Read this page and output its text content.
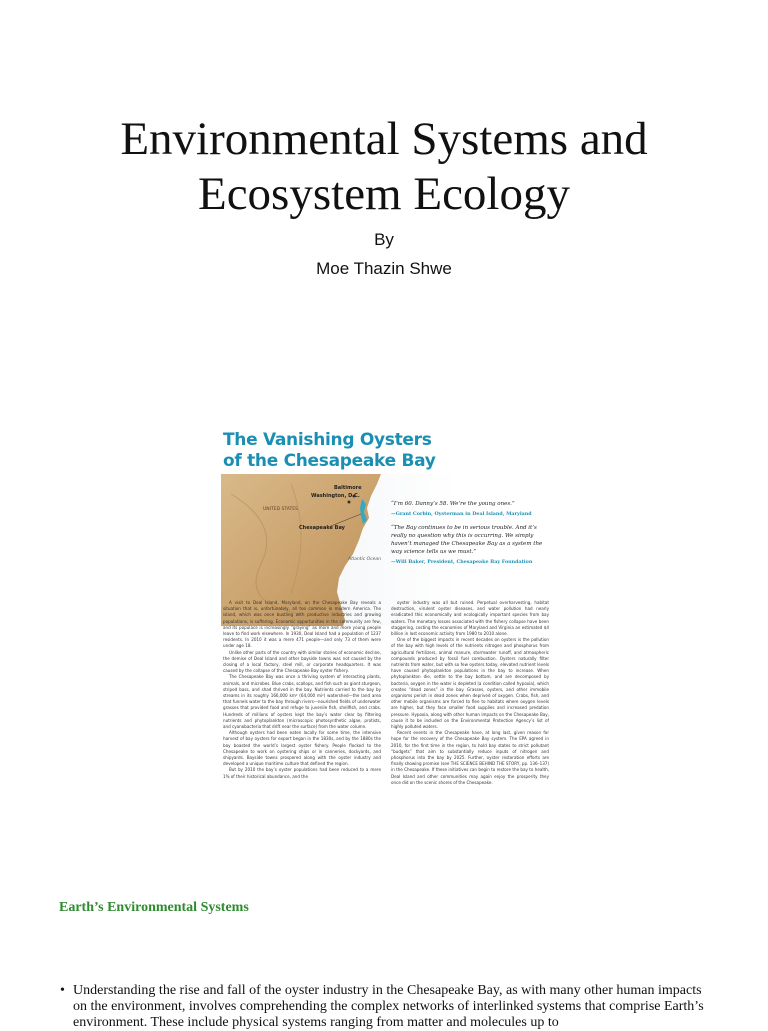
Environmental Systems and
Ecosystem Ecology
By
Moe Thazin Shwe
The Vanishing Oysters
of the Chesapeake Bay
Baltimore
Washington, D.C.
UNITED STATES
Chesapeake Bay
Atlantic Ocean
“I’m 60. Danny’s 58. We’re the young ones.”
—Grant Corbin, Oysterman in Deal Island, Maryland
“The Bay continues to be in serious trouble. And it’s really no question why this is occurring. We simply haven’t managed the Chesapeake Bay as a system the way science tells us we must.”
—Will Baker, President, Chesapeake Bay Foundation

A visit to Deal Island, Maryland, on the Chesapeake Bay reveals a situation that is, unfortunately, all too common in modern America. The island, which was once bustling with productive industries and growing populations, is suffering. Economic opportunities in the community are few, and its populace is increasingly “graying” as more and more young people leave to find work elsewhere. In 1930, Deal Island had a population of 1237 residents. In 2010 it was a mere 471 people—and only 73 of them were under age 18.

Unlike other parts of the country with similar stories of economic decline, the demise of Deal Island and other bayside towns was not caused by the closing of a local factory, steel mill, or corporate headquarters. It was caused by the collapse of the Chesapeake Bay oyster fishery.

The Chesapeake Bay was once a thriving system of interacting plants, animals, and microbes. Blue crabs, scallops, and fish such as giant sturgeon, striped bass, and shad thrived in the bay. Nutrients carried to the bay by streams in its roughly 166,000 km² (64,000 mi²) watershed—the land area that funnels water to the bay through rivers—nourished fields of underwater grasses that provided food and refuge to juvenile fish, shellfish, and crabs. Hundreds of millions of oysters kept the bay’s water clear by filtering nutrients and phytoplankton (microscopic photosynthetic algae, protists, and cyanobacteria that drift near the surface) from the water column.

Although oysters had been eaten locally for some time, the intensive harvest of bay oysters for export began in the 1830s, and by the 1880s the bay boasted the world’s largest oyster fishery. People flocked to the Chesapeake to work on oystering ships or in canneries, dockyards, and shipyards. Bayside towns prospered along with the oyster industry and developed a unique maritime culture that defined the region.

But by 2010 the bay’s oyster populations had been reduced to a mere 1% of their historical abundance, and the

oyster industry was all but ruined. Perpetual overharvesting, habitat destruction, virulent oyster diseases, and water pollution had nearly eradicated this economically and ecologically important species from bay waters. The monetary losses associated with the fishery collapse have been staggering, costing the economies of Maryland and Virginia an estimated $4 billion in lost economic activity from 1980 to 2010 alone.

One of the biggest impacts in recent decades on oysters is the pollution of the bay with high levels of the nutrients nitrogen and phosphorus from agricultural fertilizers, animal manure, stormwater runoff, and atmospheric compounds produced by fossil fuel combustion. Oysters naturally filter nutrients from water, but with so few oysters today, elevated nutrient levels have caused phytoplankton populations in the bay to increase. When phytoplankton die, settle to the bay bottom, and are decomposed by bacteria, oxygen in the water is depleted (a condition called hypoxia), which creates “dead zones” in the bay. Grasses, oysters, and other immobile organisms perish in dead zones when deprived of oxygen. Crabs, fish, and other mobile organisms are forced to flee to habitats where oxygen levels are higher, but they face smaller food supplies and increased predation pressure. Hypoxia, along with other human impacts on the Chesapeake Bay, cause it to be included on the Environmental Protection Agency’s list of highly polluted waters.

Recent events in the Chesapeake have, at long last, given reason for hope for the recovery of the Chesapeake Bay system. The EPA agreed in 2010, for the first time in the region, to hold bay states to strict pollutant “budgets” that aim to substantially reduce inputs of nitrogen and phosphorus into the bay by 2025. Further, oyster restoration efforts are finally showing promise (see THE SCIENCE BEHIND THE STORY, pp. 136–137) in the Chesapeake. If these initiatives can begin to restore the bay to health, Deal Island and other communities may again enjoy the prosperity they once did on the scenic shores of the Chesapeake.

Earth’s Environmental Systems
• Understanding the rise and fall of the oyster industry in the Chesapeake Bay, as with many other human impacts on the environment, involves comprehending the complex networks of interlinked systems that comprise Earth’s environment. These include physical systems ranging from matter and molecules up to
